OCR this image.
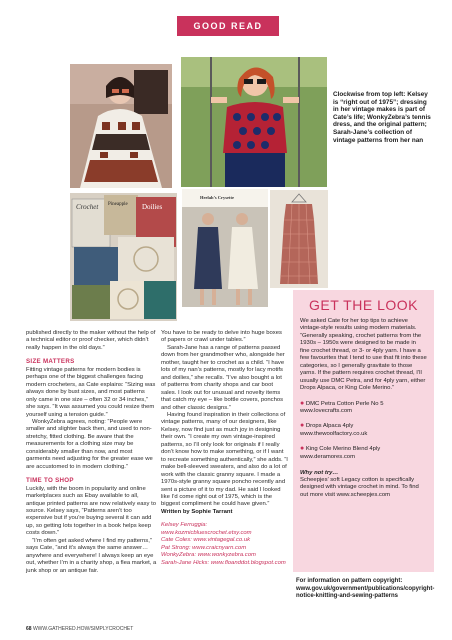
GOOD READ
Crochet Pineapple Doilies
Heelah’s Crysette
Clockwise from top left: Kelsey is “right out of 1975”; dressing in her vintage makes is part of Cate’s life; WonkyZebra’s tennis dress, and the original pattern; Sarah-Jane’s collection of vintage patterns from her nan

published directly to the maker without the help of a technical editor or proof checker, which didn’t really happen in the old days.”

SIZE MATTERS

Fitting vintage patterns for modern bodies is perhaps one of the biggest challenges facing modern crocheters, as Cate explains: “Sizing was always done by bust sizes, and most patterns only came in one size – often 32 or 34 inches,” she says. “It was assumed you could resize them yourself using a tension guide.”

WonkyZebra agrees, noting: “People were smaller and slighter back then, and used to non-stretchy, fitted clothing. Be aware that the measurements for a clothing size may be considerably smaller than now, and most garments need adjusting for the greater ease we are accustomed to in modern clothing.”

TIME TO SHOP

Luckily, with the boom in popularity and online marketplaces such as Ebay available to all, antique printed patterns are now relatively easy to source. Kelsey says, “Patterns aren’t too expensive but if you’re buying several it can add up, so getting lots together in a book helps keep costs down.”

“I’m often get asked where I find my patterns,” says Cate, “and it’s always the same answer… anywhere and everywhere! I always keep an eye out, whether I’m in a charity shop, a flea market, a junk shop or an antique fair.

You have to be ready to delve into huge boxes of papers or crawl under tables.”

Sarah-Jane has a range of patterns passed down from her grandmother who, alongside her mother, taught her to crochet as a child. “I have lots of my nan’s patterns, mostly for lacy motifs and doilies,” she recalls. “I’ve also bought a lot of patterns from charity shops and car boot sales. I look out for unusual and novelty items that catch my eye – like bottle covers, ponchos and other classic designs.”

Having found inspiration in their collections of vintage patterns, many of our designers, like Kelsey, now find just as much joy in designing their own. “I create my own vintage-inspired patterns, so I’ll only look for originals if I really don’t know how to make something, or if I want to recreate something authentically,” she adds. “I make bell-sleeved sweaters, and also do a lot of work with the classic granny square. I made a 1970s-style granny square poncho recently and sent a picture of it to my dad. He said I looked like I’d come right out of 1975, which is the biggest compliment he could have given.”

Written by Sophie Tarrant

Kelsey Ferruggia: www.kozmicbluescrochet.etsy.com

Cate Coles: www.vintagegal.co.uk

Pat Strong: www.craicnyarn.com

WonkyZebra: www.wonkyzebra.com

Sarah-Jane Hicks: www.floanddot.blogspot.com

GET THE LOOK

We asked Cate for her top tips to achieve vintage-style results using modern materials. “Generally speaking, crochet patterns from the 1930s – 1950s were designed to be made in fine crochet thread, or 3- or 4ply yarn. I have a few favourites that I tend to use that fit into these categories, so I generally gravitate to those yarns. If the pattern requires crochet thread, I’ll usually use DMC Petra, and for 4ply yarn, either Drops Alpaca, or King Cole Merino.”

● DMC Petra Cotton Perle No 5
www.lovecrafts.com
● Drops Alpaca 4ply
www.thewoolfactory.co.uk
● King Cole Merino Blend 4ply
www.deramores.com

Why not try…

Scheepjes’ soft Legacy cotton is specifically designed with vintage crochet in mind. To find out more visit www.scheepjes.com

For information on pattern copyright: www.gov.uk/government/publications/copyright-notice-knitting-and-sewing-patterns
68 WWW.GATHERED.HOW/SIMPLYCROCHET
